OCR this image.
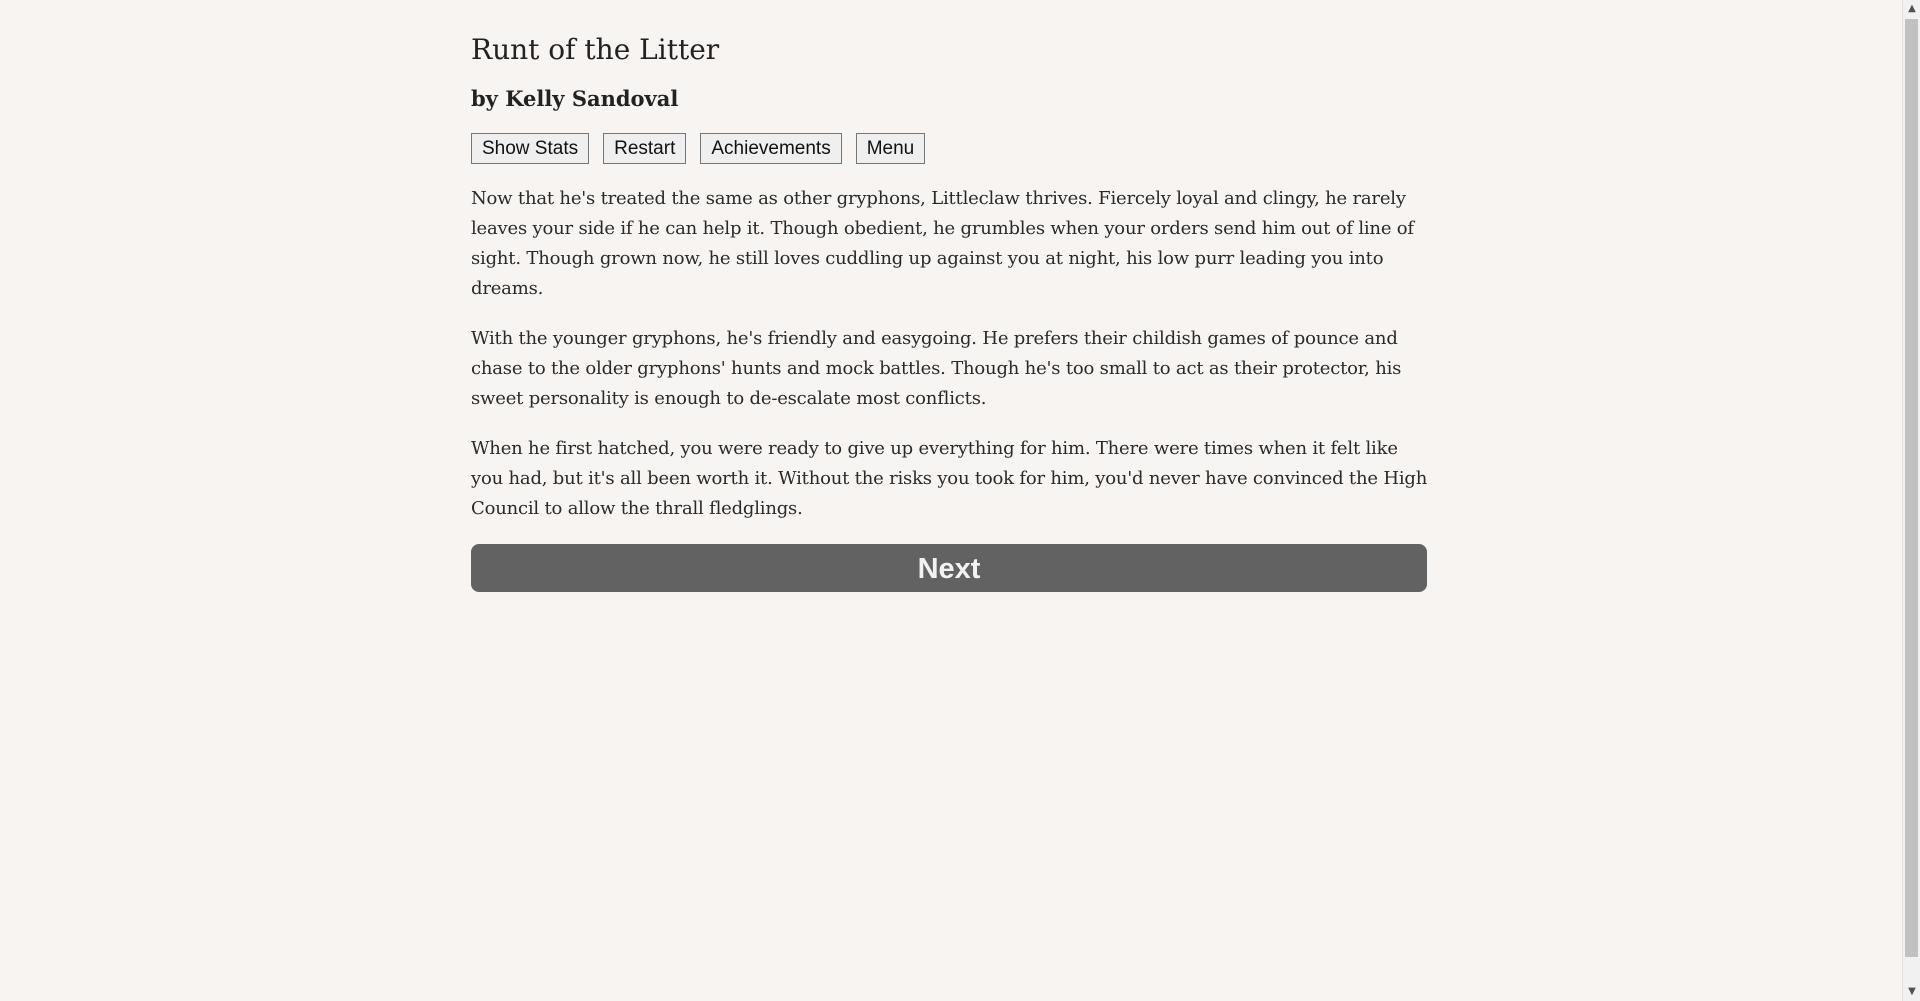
Runt of the Litter
by Kelly Sandoval
Show Stats	Restart	Achievements	Menu

Now that he's treated the same as other gryphons, Littleclaw thrives. Fiercely loyal and clingy, he rarely leaves your side if he can help it. Though obedient, he grumbles when your orders send him out of line of sight. Though grown now, he still loves cuddling up against you at night, his low purr leading you into dreams.

With the younger gryphons, he's friendly and easygoing. He prefers their childish games of pounce and chase to the older gryphons' hunts and mock battles. Though he's too small to act as their protector, his sweet personality is enough to de-escalate most conflicts.

When he first hatched, you were ready to give up everything for him. There were times when it felt like you had, but it's all been worth it. Without the risks you took for him, you'd never have convinced the High Council to allow the thrall fledglings.

Next
▲
▼
